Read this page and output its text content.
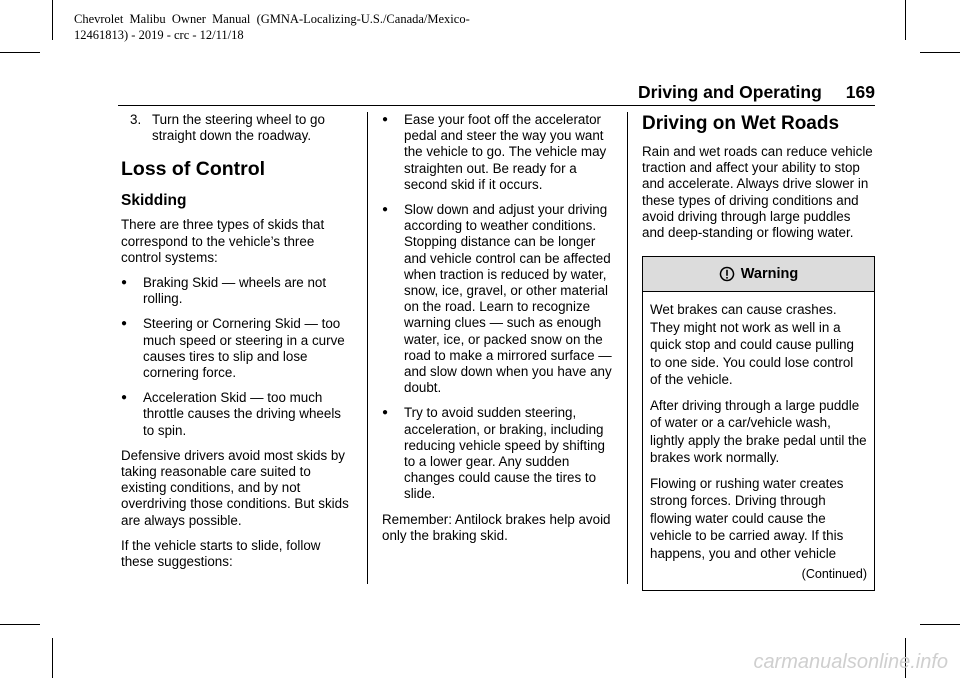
Chevrolet  Malibu  Owner  Manual  (GMNA-Localizing-U.S./Canada/Mexico-
12461813) - 2019 - crc - 12/11/18
Driving and Operating 169
3. Turn the steering wheel to go straight down the roadway.
Loss of Control
Skidding

There are three types of skids that correspond to the vehicle’s three control systems:

●	Braking Skid — wheels are not rolling.
●	Steering or Cornering Skid — too much speed or steering in a curve causes tires to slip and lose cornering force.
●	Acceleration Skid — too much throttle causes the driving wheels to spin.

Defensive drivers avoid most skids by taking reasonable care suited to existing conditions, and by not overdriving those conditions. But skids are always possible.

If the vehicle starts to slide, follow these suggestions:

●	Ease your foot off the accelerator pedal and steer the way you want the vehicle to go. The vehicle may straighten out. Be ready for a second skid if it occurs.
●	Slow down and adjust your driving according to weather conditions. Stopping distance can be longer and vehicle control can be affected when traction is reduced by water, snow, ice, gravel, or other material on the road. Learn to recognize warning clues — such as enough water, ice, or packed snow on the road to make a mirrored surface — and slow down when you have any doubt.
●	Try to avoid sudden steering, acceleration, or braking, including reducing vehicle speed by shifting to a lower gear. Any sudden changes could cause the tires to slide.

Remember: Antilock brakes help avoid only the braking skid.

Driving on Wet Roads

Rain and wet roads can reduce vehicle traction and affect your ability to stop and accelerate. Always drive slower in these types of driving conditions and avoid driving through large puddles and deep-standing or flowing water.

Warning

Wet brakes can cause crashes. They might not work as well in a quick stop and could cause pulling to one side. You could lose control of the vehicle.

After driving through a large puddle of water or a car/vehicle wash, lightly apply the brake pedal until the brakes work normally.

Flowing or rushing water creates strong forces. Driving through flowing water could cause the vehicle to be carried away. If this happens, you and other vehicle

(Continued)
carmanualsonline.info
